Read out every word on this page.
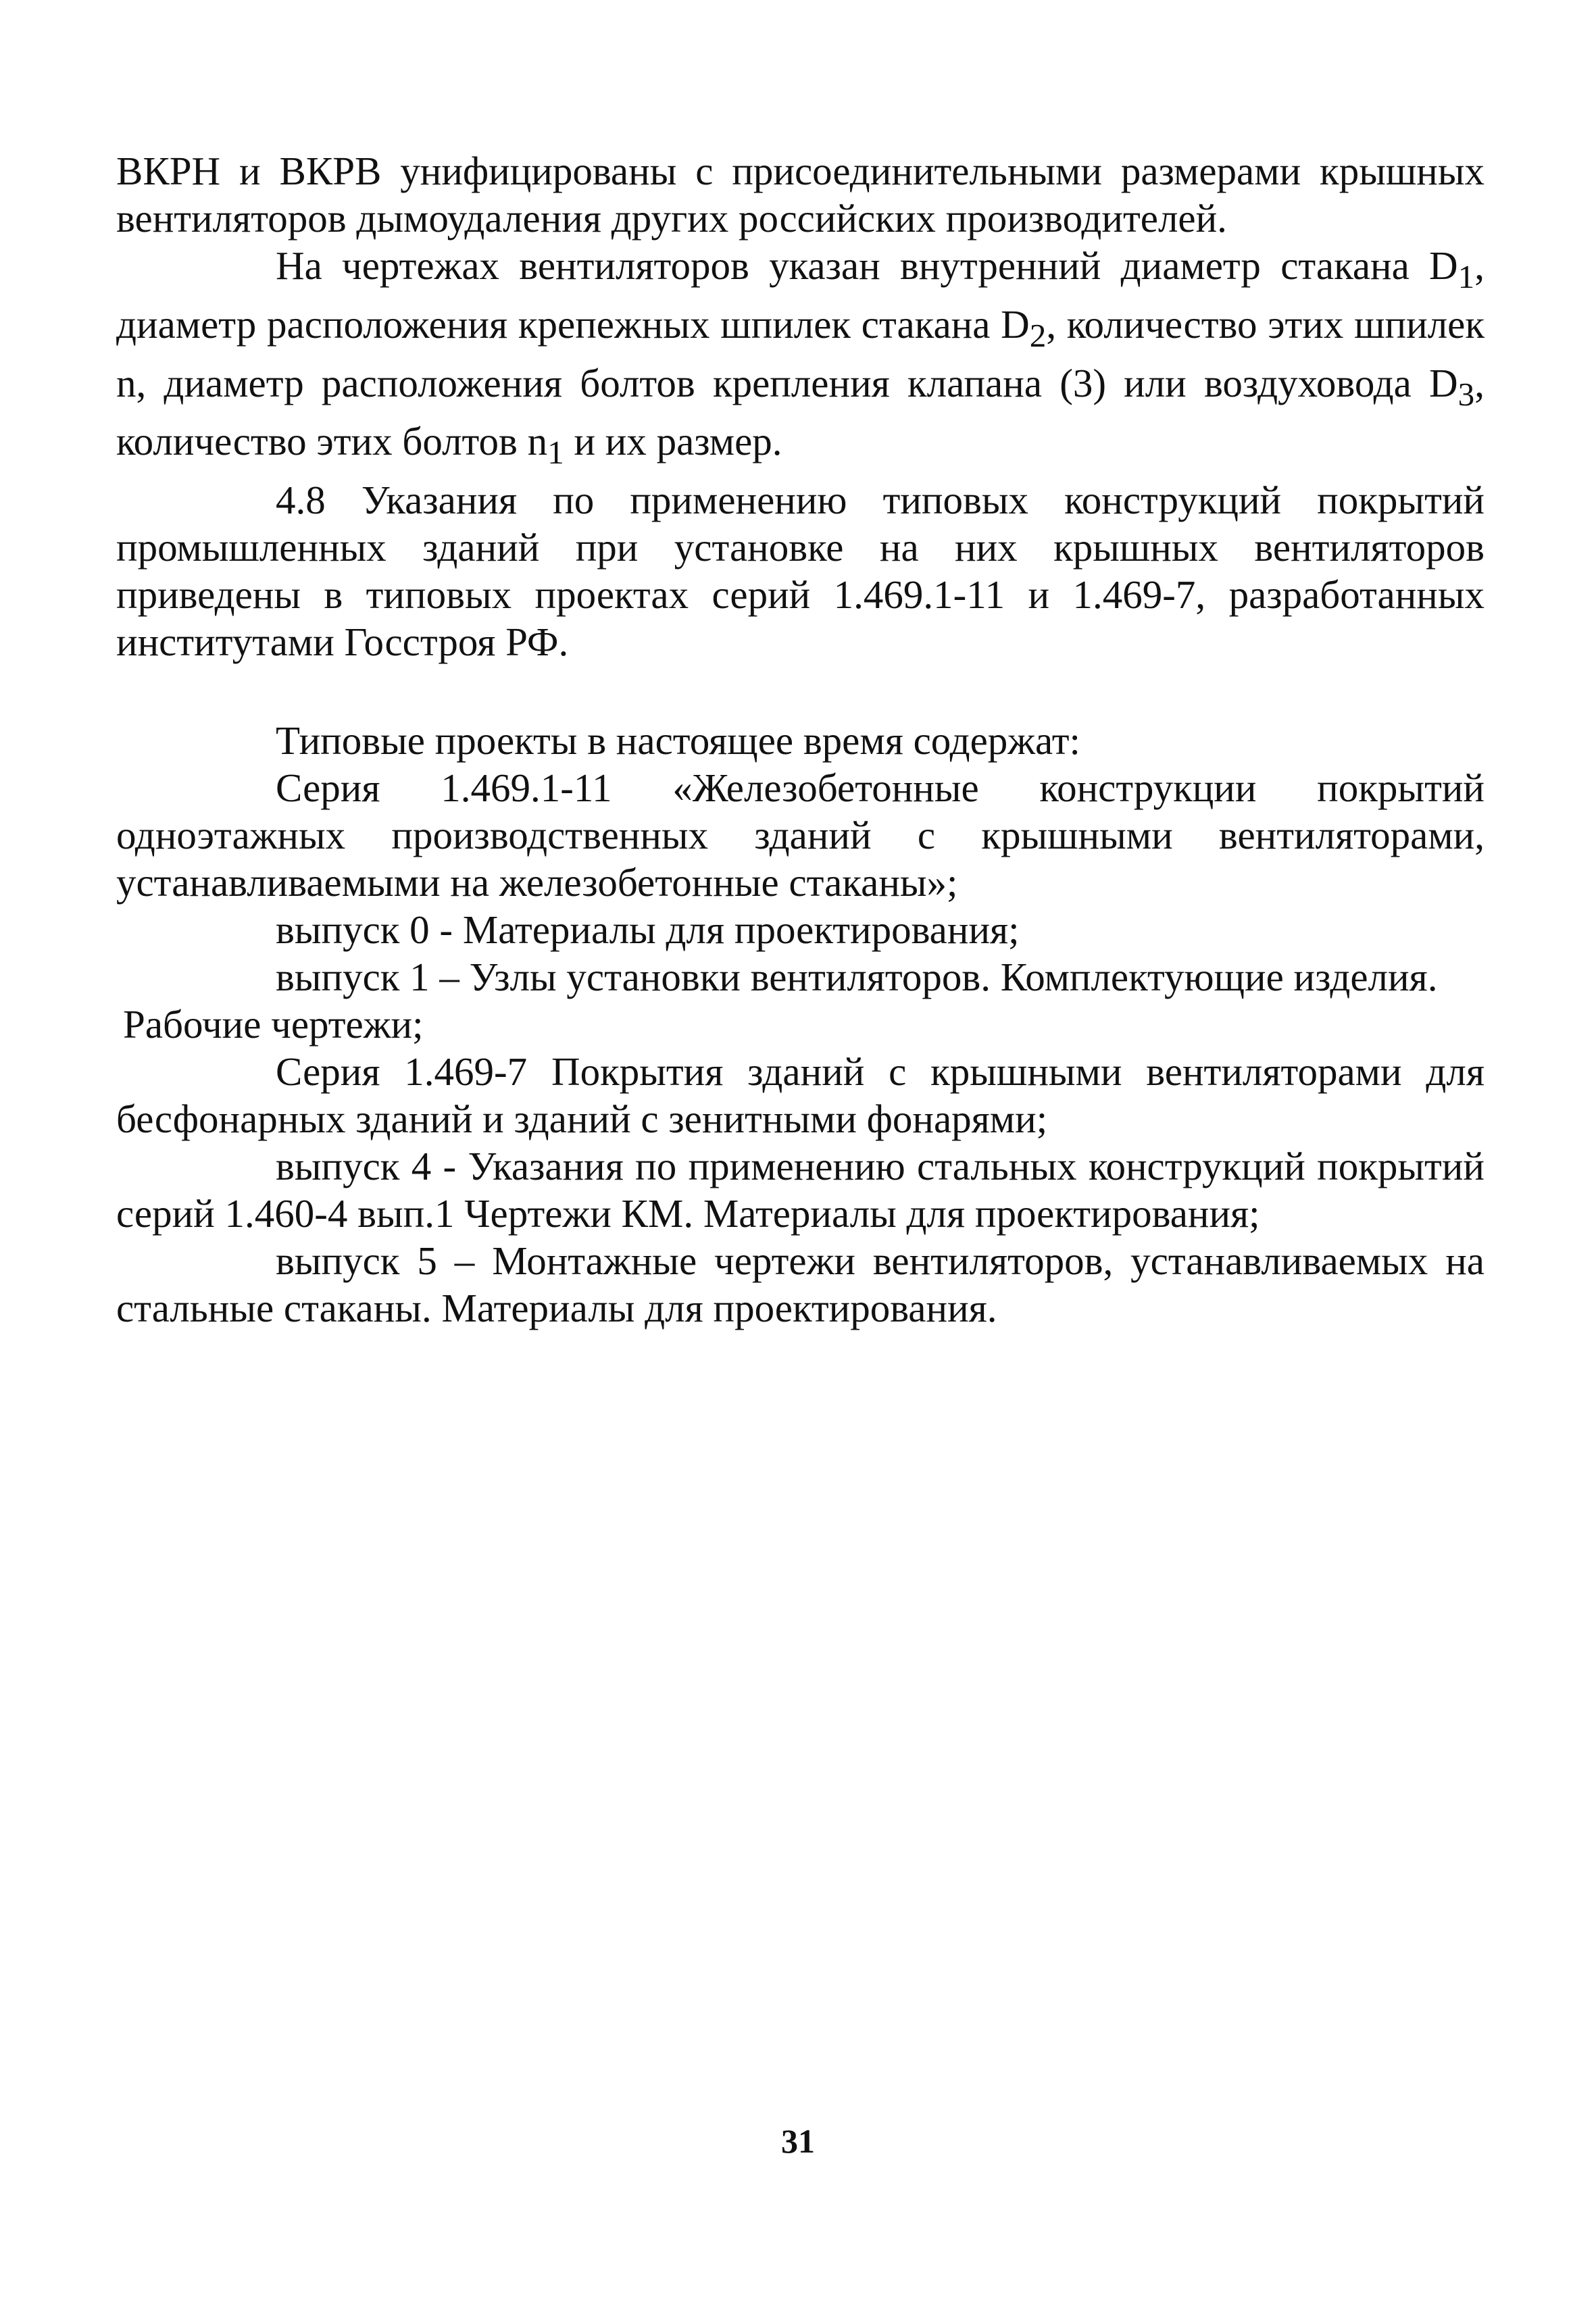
ВКРН и ВКРВ унифицированы с присоединительными размерами крышных вентиляторов дымоудаления других российских производителей.

На чертежах вентиляторов указан внутренний диаметр стакана $D_1$, диаметр расположения крепежных шпилек стакана $D_2$, количество этих шпилек n, диаметр расположения болтов крепления клапана (3) или воздуховода $D_3$, количество этих болтов $n_1$ и их размер.

4.8 Указания по применению типовых конструкций покрытий промышленных зданий при установке на них крышных вентиляторов приведены в типовых проектах серий 1.469.1-11 и 1.469-7, разработанных институтами Госстроя РФ.

Типовые проекты в настоящее время содержат:

Серия 1.469.1-11 «Железобетонные конструкции покрытий одноэтажных производственных зданий с крышными вентиляторами, устанавливаемыми на железобетонные стаканы»;

выпуск 0 - Материалы для проектирования;

выпуск 1 – Узлы установки вентиляторов. Комплектующие изделия.

Рабочие чертежи;

Серия 1.469-7 Покрытия зданий с крышными вентиляторами для бесфонарных зданий и зданий с зенитными фонарями;

выпуск 4 - Указания по применению стальных конструкций покрытий серий 1.460-4 вып.1 Чертежи КМ. Материалы для проектирования;

выпуск 5 – Монтажные чертежи вентиляторов, устанавливаемых на стальные стаканы. Материалы для проектирования.

31
